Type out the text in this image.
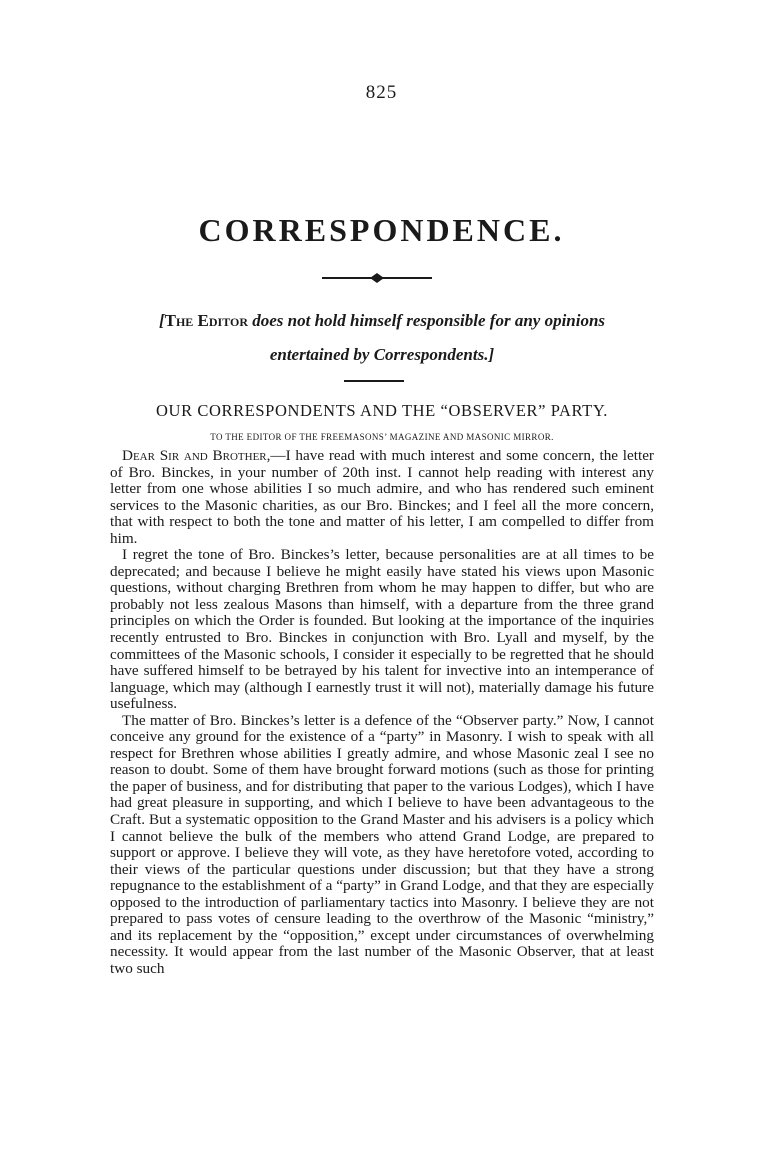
825
CORRESPONDENCE.
[The Editor does not hold himself responsible for any opinions entertained by Correspondents.]
OUR CORRESPONDENTS AND THE “OBSERVER” PARTY.
TO THE EDITOR OF THE FREEMASONS’ MAGAZINE AND MASONIC MIRROR.

Dear Sir and Brother,—I have read with much interest and some concern, the letter of Bro. Binckes, in your number of 20th inst. I cannot help reading with interest any letter from one whose abilities I so much admire, and who has rendered such eminent services to the Masonic charities, as our Bro. Binckes; and I feel all the more concern, that with respect to both the tone and matter of his letter, I am compelled to differ from him.

I regret the tone of Bro. Binckes’s letter, because personalities are at all times to be deprecated; and because I believe he might easily have stated his views upon Masonic questions, without charging Brethren from whom he may happen to differ, but who are probably not less zealous Masons than himself, with a departure from the three grand principles on which the Order is founded. But looking at the importance of the inquiries recently entrusted to Bro. Binckes in conjunction with Bro. Lyall and myself, by the committees of the Masonic schools, I consider it especially to be regretted that he should have suffered himself to be betrayed by his talent for invective into an intemperance of language, which may (although I earnestly trust it will not), materially damage his future usefulness.

The matter of Bro. Binckes’s letter is a defence of the “Observer party.” Now, I cannot conceive any ground for the existence of a “party” in Masonry. I wish to speak with all respect for Brethren whose abilities I greatly admire, and whose Masonic zeal I see no reason to doubt. Some of them have brought forward motions (such as those for printing the paper of business, and for distributing that paper to the various Lodges), which I have had great pleasure in supporting, and which I believe to have been advantageous to the Craft. But a systematic opposition to the Grand Master and his advisers is a policy which I cannot believe the bulk of the members who attend Grand Lodge, are prepared to support or approve. I believe they will vote, as they have heretofore voted, according to their views of the particular questions under discussion; but that they have a strong repugnance to the establishment of a “party” in Grand Lodge, and that they are especially opposed to the introduction of parliamentary tactics into Masonry. I believe they are not prepared to pass votes of censure leading to the overthrow of the Masonic “ministry,” and its replacement by the “opposition,” except under circumstances of overwhelming necessity. It would appear from the last number of the Masonic Observer, that at least two such
